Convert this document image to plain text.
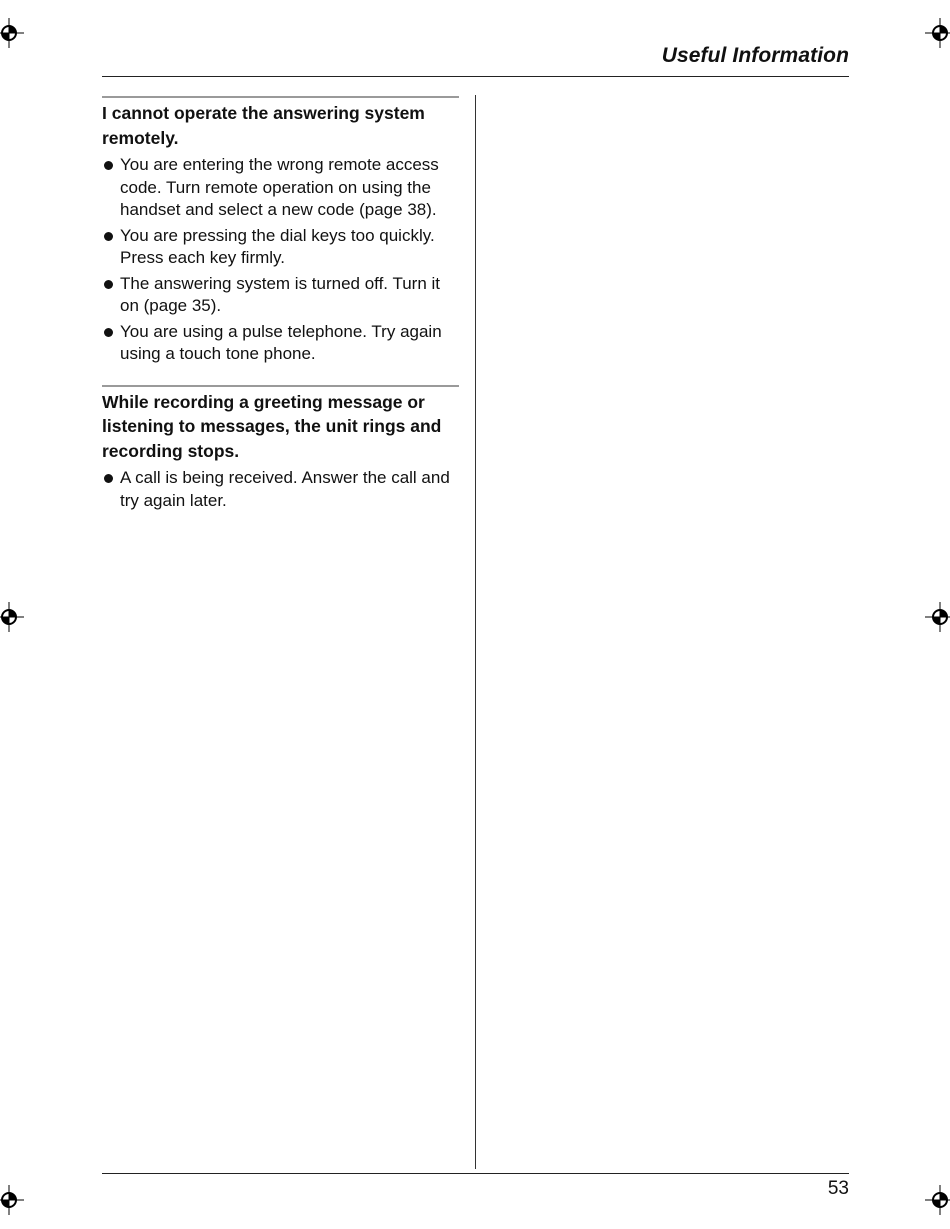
Useful Information
I cannot operate the answering system remotely.
You are entering the wrong remote access code. Turn remote operation on using the handset and select a new code (page 38).
You are pressing the dial keys too quickly. Press each key firmly.
The answering system is turned off. Turn it on (page 35).
You are using a pulse telephone. Try again using a touch tone phone.
While recording a greeting message or listening to messages, the unit rings and recording stops.
A call is being received. Answer the call and try again later.
53
